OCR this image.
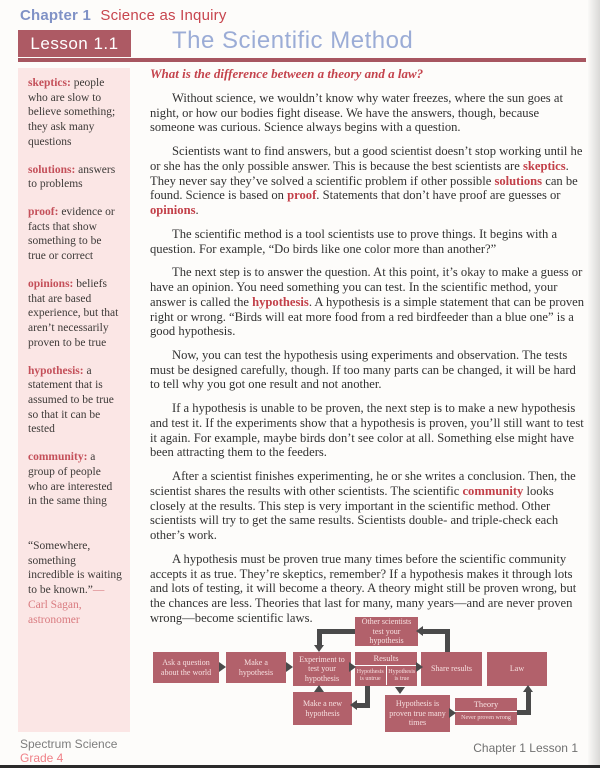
Chapter 1 Science as Inquiry
Lesson 1.1	The Scientific Method
skeptics: people who are slow to believe something; they ask many questions
solutions: answers to problems
proof: evidence or facts that show something to be true or correct
opinions: beliefs that are based experience, but that aren’t necessarily proven to be true
hypothesis: a statement that is assumed to be true so that it can be tested
community: a group of people who are interested in the same thing
“Somewhere, something incredible is waiting to be known.”—Carl Sagan, astronomer
What is the difference between a theory and a law?

Without science, we wouldn’t know why water freezes, where the sun goes at night, or how our bodies fight disease. We have the answers, though, because someone was curious. Science always begins with a question.

Scientists want to find answers, but a good scientist doesn’t stop working until he or she has the only possible answer. This is because the best scientists are skeptics. They never say they’ve solved a scientific problem if other possible solutions can be found. Science is based on proof. Statements that don’t have proof are guesses or opinions.

The scientific method is a tool scientists use to prove things. It begins with a question. For example, “Do birds like one color more than another?”

The next step is to answer the question. At this point, it’s okay to make a guess or have an opinion. You need something you can test. In the scientific method, your answer is called the hypothesis. A hypothesis is a simple statement that can be proven right or wrong. “Birds will eat more food from a red birdfeeder than a blue one” is a good hypothesis.

Now, you can test the hypothesis using experiments and observation. The tests must be designed carefully, though. If too many parts can be changed, it will be hard to tell why you got one result and not another.

If a hypothesis is unable to be proven, the next step is to make a new hypothesis and test it. If the experiments show that a hypothesis is proven, you’ll still want to test it again. For example, maybe birds don’t see color at all. Something else might have been attracting them to the feeders.

After a scientist finishes experimenting, he or she writes a conclusion. Then, the scientist shares the results with other scientists. The scientific community looks closely at the results. This step is very important in the scientific method. Other scientists will try to get the same results. Scientists double- and triple-check each other’s work.

A hypothesis must be proven true many times before the scientific community accepts it as true. They’re skeptics, remember? If a hypothesis makes it through lots and lots of testing, it will become a theory. A theory might still be proven wrong, but the chances are less. Theories that last for many, many years—and are never proven wrong—become scientific laws.	Other scientists test your hypothesis
Ask a question about the world
Make a hypothesis
Experiment to test your hypothesis
Results
Hypothesis is untrue
Hypothesis is true
Share results	Law
Make a new hypothesis
Hypothesis is proven true many times
Theory
Never proven wrong
Spectrum Science
Grade 4
Chapter 1 Lesson 1
